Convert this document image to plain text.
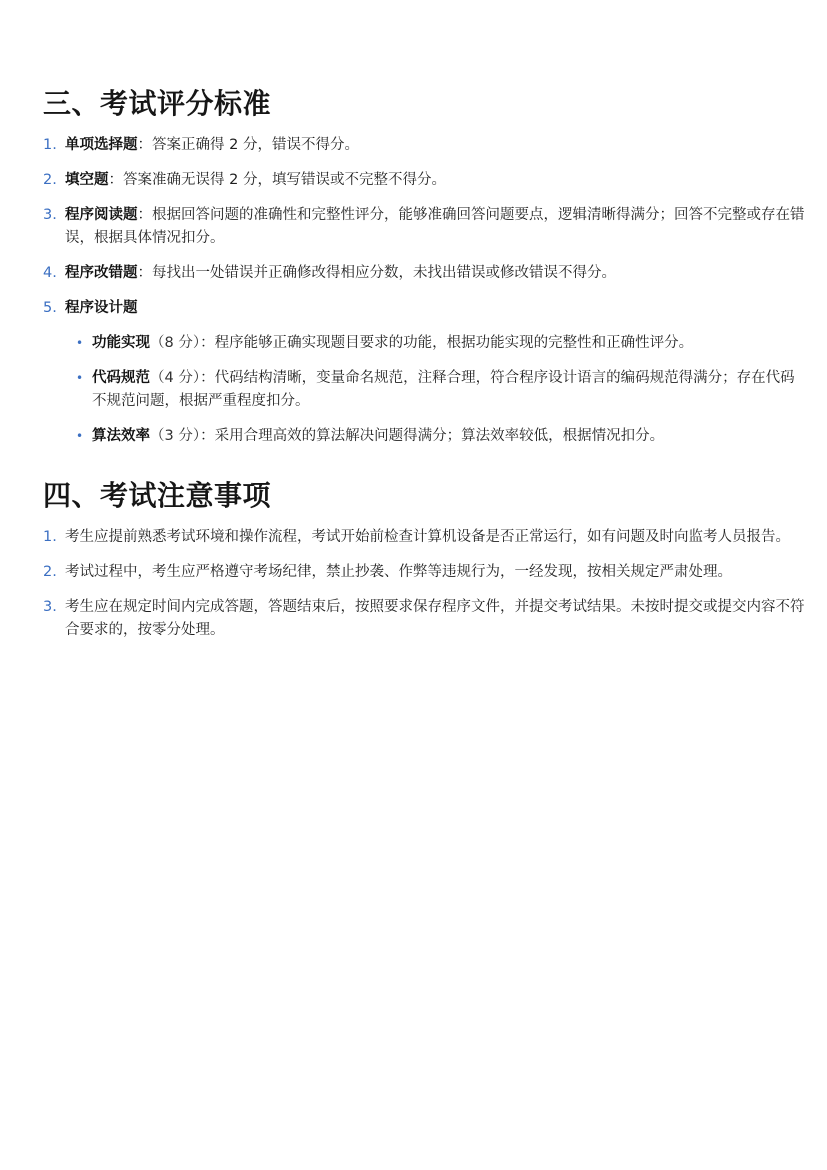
三、考试评分标准
1. 单项选择题：答案正确得 2 分，错误不得分。
2. 填空题：答案准确无误得 2 分，填写错误或不完整不得分。
3. 程序阅读题：根据回答问题的准确性和完整性评分，能够准确回答问题要点，逻辑清晰得满分；回答不完整或存在错误，根据具体情况扣分。
4. 程序改错题：每找出一处错误并正确修改得相应分数，未找出错误或修改错误不得分。
5. 程序设计题
• 功能实现（8 分）：程序能够正确实现题目要求的功能，根据功能实现的完整性和正确性评分。
• 代码规范（4 分）：代码结构清晰，变量命名规范，注释合理，符合程序设计语言的编码规范得满分；存在代码不规范问题，根据严重程度扣分。
• 算法效率（3 分）：采用合理高效的算法解决问题得满分；算法效率较低，根据情况扣分。
四、考试注意事项
1. 考生应提前熟悉考试环境和操作流程，考试开始前检查计算机设备是否正常运行，如有问题及时向监考人员报告。
2. 考试过程中，考生应严格遵守考场纪律，禁止抄袭、作弊等违规行为，一经发现，按相关规定严肃处理。
3. 考生应在规定时间内完成答题，答题结束后，按照要求保存程序文件，并提交考试结果。未按时提交或提交内容不符合要求的，按零分处理。
